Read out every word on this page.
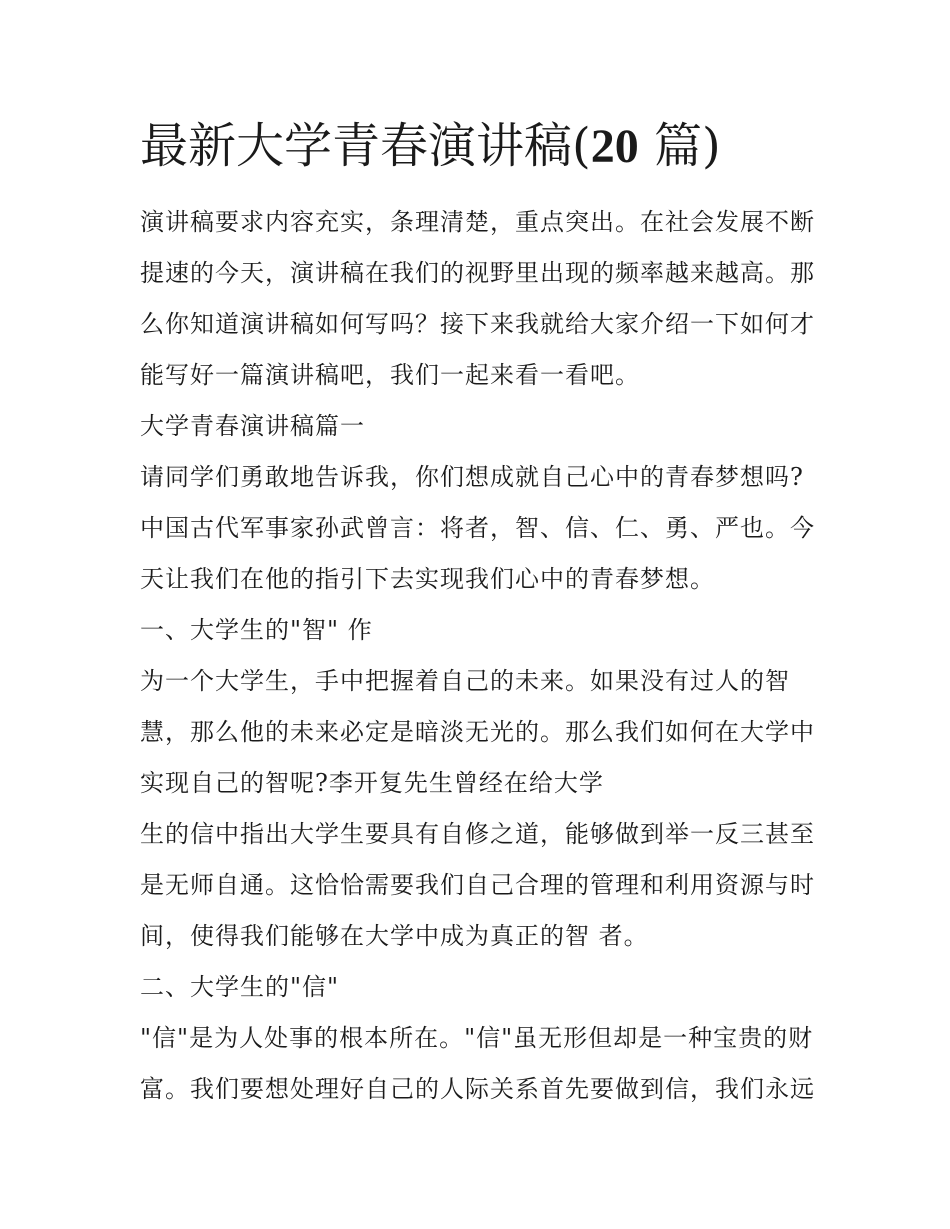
最新大学青春演讲稿(20 篇)

演讲稿要求内容充实，条理清楚，重点突出。在社会发展不断

提速的今天，演讲稿在我们的视野里出现的频率越来越高。那

么你知道演讲稿如何写吗？接下来我就给大家介绍一下如何才

能写好一篇演讲稿吧，我们一起来看一看吧。

大学青春演讲稿篇一

请同学们勇敢地告诉我，你们想成就自己心中的青春梦想吗?

中国古代军事家孙武曾言：将者，智、信、仁、勇、严也。今

天让我们在他的指引下去实现我们心中的青春梦想。

一、大学生的"智" 作

为一个大学生，手中把握着自己的未来。如果没有过人的智

慧，那么他的未来必定是暗淡无光的。那么我们如何在大学中

实现自己的智呢?李开复先生曾经在给大学

生的信中指出大学生要具有自修之道，能够做到举一反三甚至

是无师自通。这恰恰需要我们自己合理的管理和利用资源与时

间，使得我们能够在大学中成为真正的智 者。

二、大学生的"信"

"信"是为人处事的根本所在。"信"虽无形但却是一种宝贵的财

富。我们要想处理好自己的人际关系首先要做到信，我们永远
